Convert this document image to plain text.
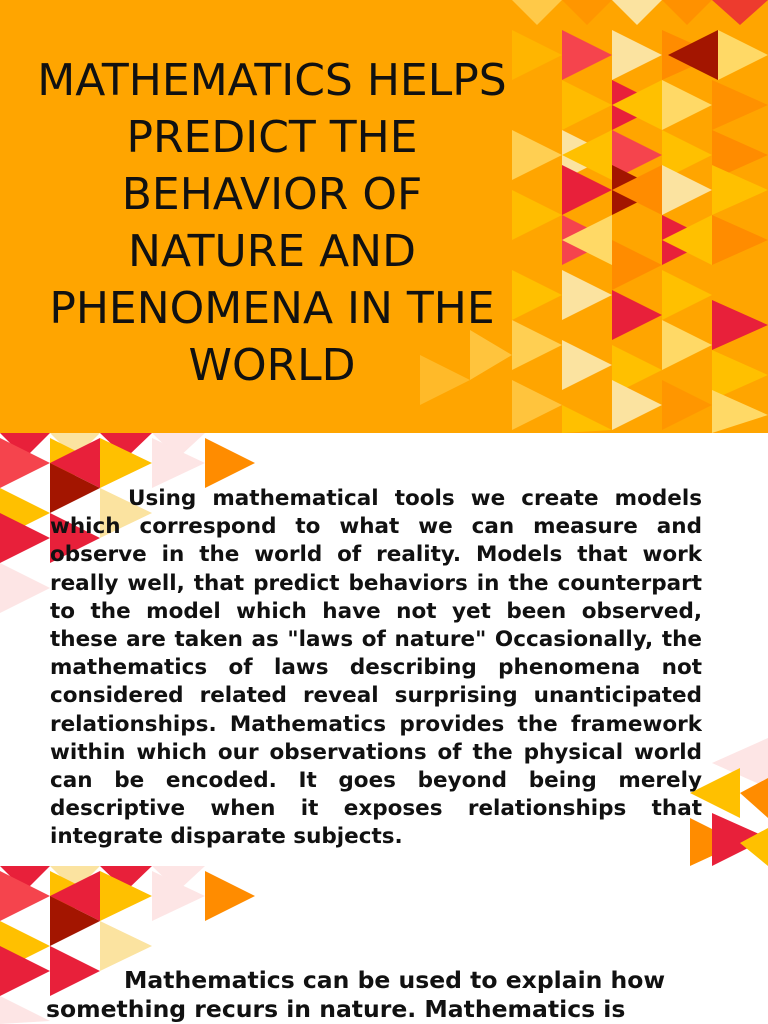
MATHEMATICS HELPS PREDICT THE BEHAVIOR OF NATURE AND PHENOMENA IN THE WORLD

Using mathematical tools we create models which correspond to what we can measure and observe in the world of reality. Models that work really well, that predict behaviors in the counterpart to the model which have not yet been observed, these are taken as "laws of nature" Occasionally, the mathematics of laws describing phenomena not considered related reveal surprising unanticipated relationships. Mathematics provides the framework within which our observations of the physical world can be encoded. It goes beyond being merely descriptive when it exposes relationships that integrate disparate subjects.

Mathematics can be used to explain how something recurs in nature. Mathematics is
